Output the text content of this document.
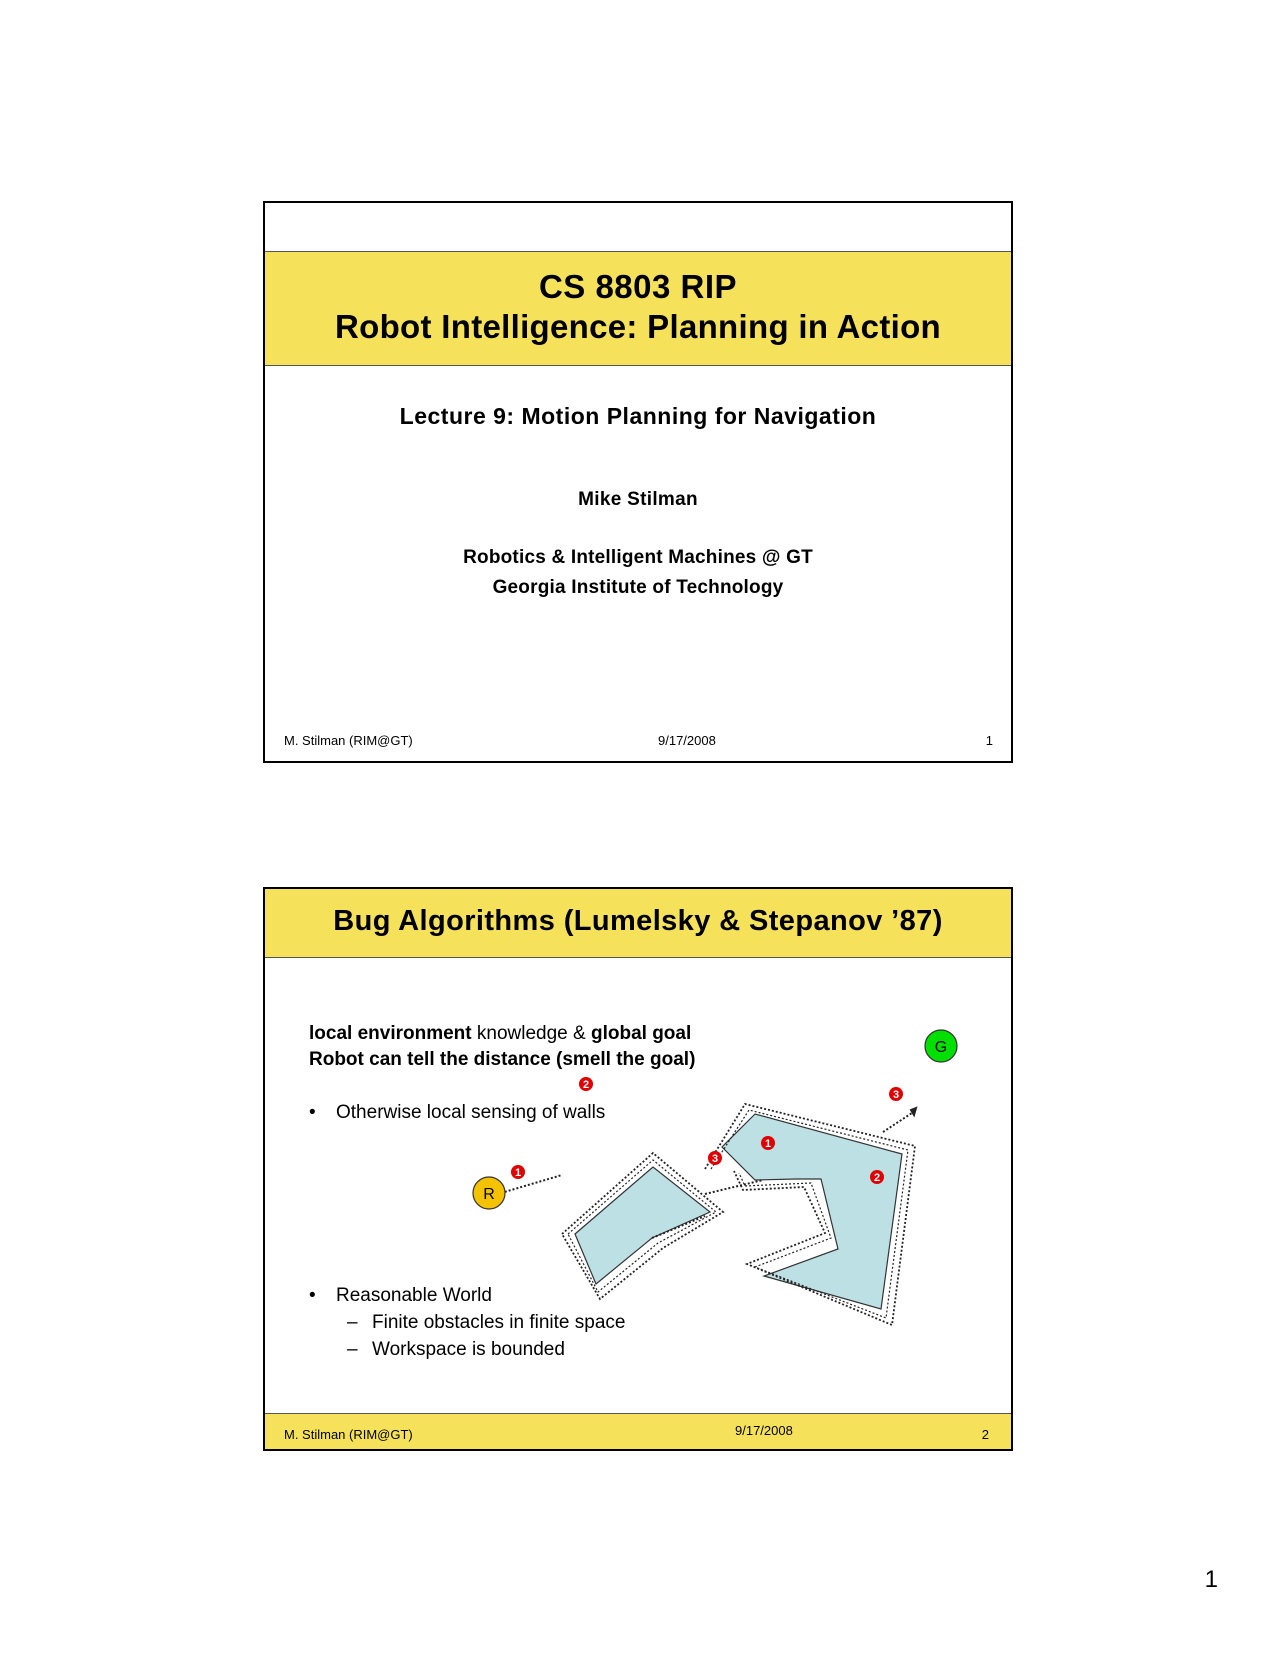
CS 8803 RIP
Robot Intelligence: Planning in Action
Lecture 9: Motion Planning for Navigation
Mike Stilman
Robotics & Intelligent Machines @ GT
Georgia Institute of Technology
M. Stilman (RIM@GT)	9/17/2008	1
Bug Algorithms (Lumelsky & Stepanov ’87)
R
G
1
2
3
1
2
3
local environment knowledge & global goal
Robot can tell the distance (smell the goal)
• Otherwise local sensing of walls
• Reasonable World
– Finite obstacles in finite space
– Workspace is bounded
M. Stilman (RIM@GT)	9/17/2008	2
1
